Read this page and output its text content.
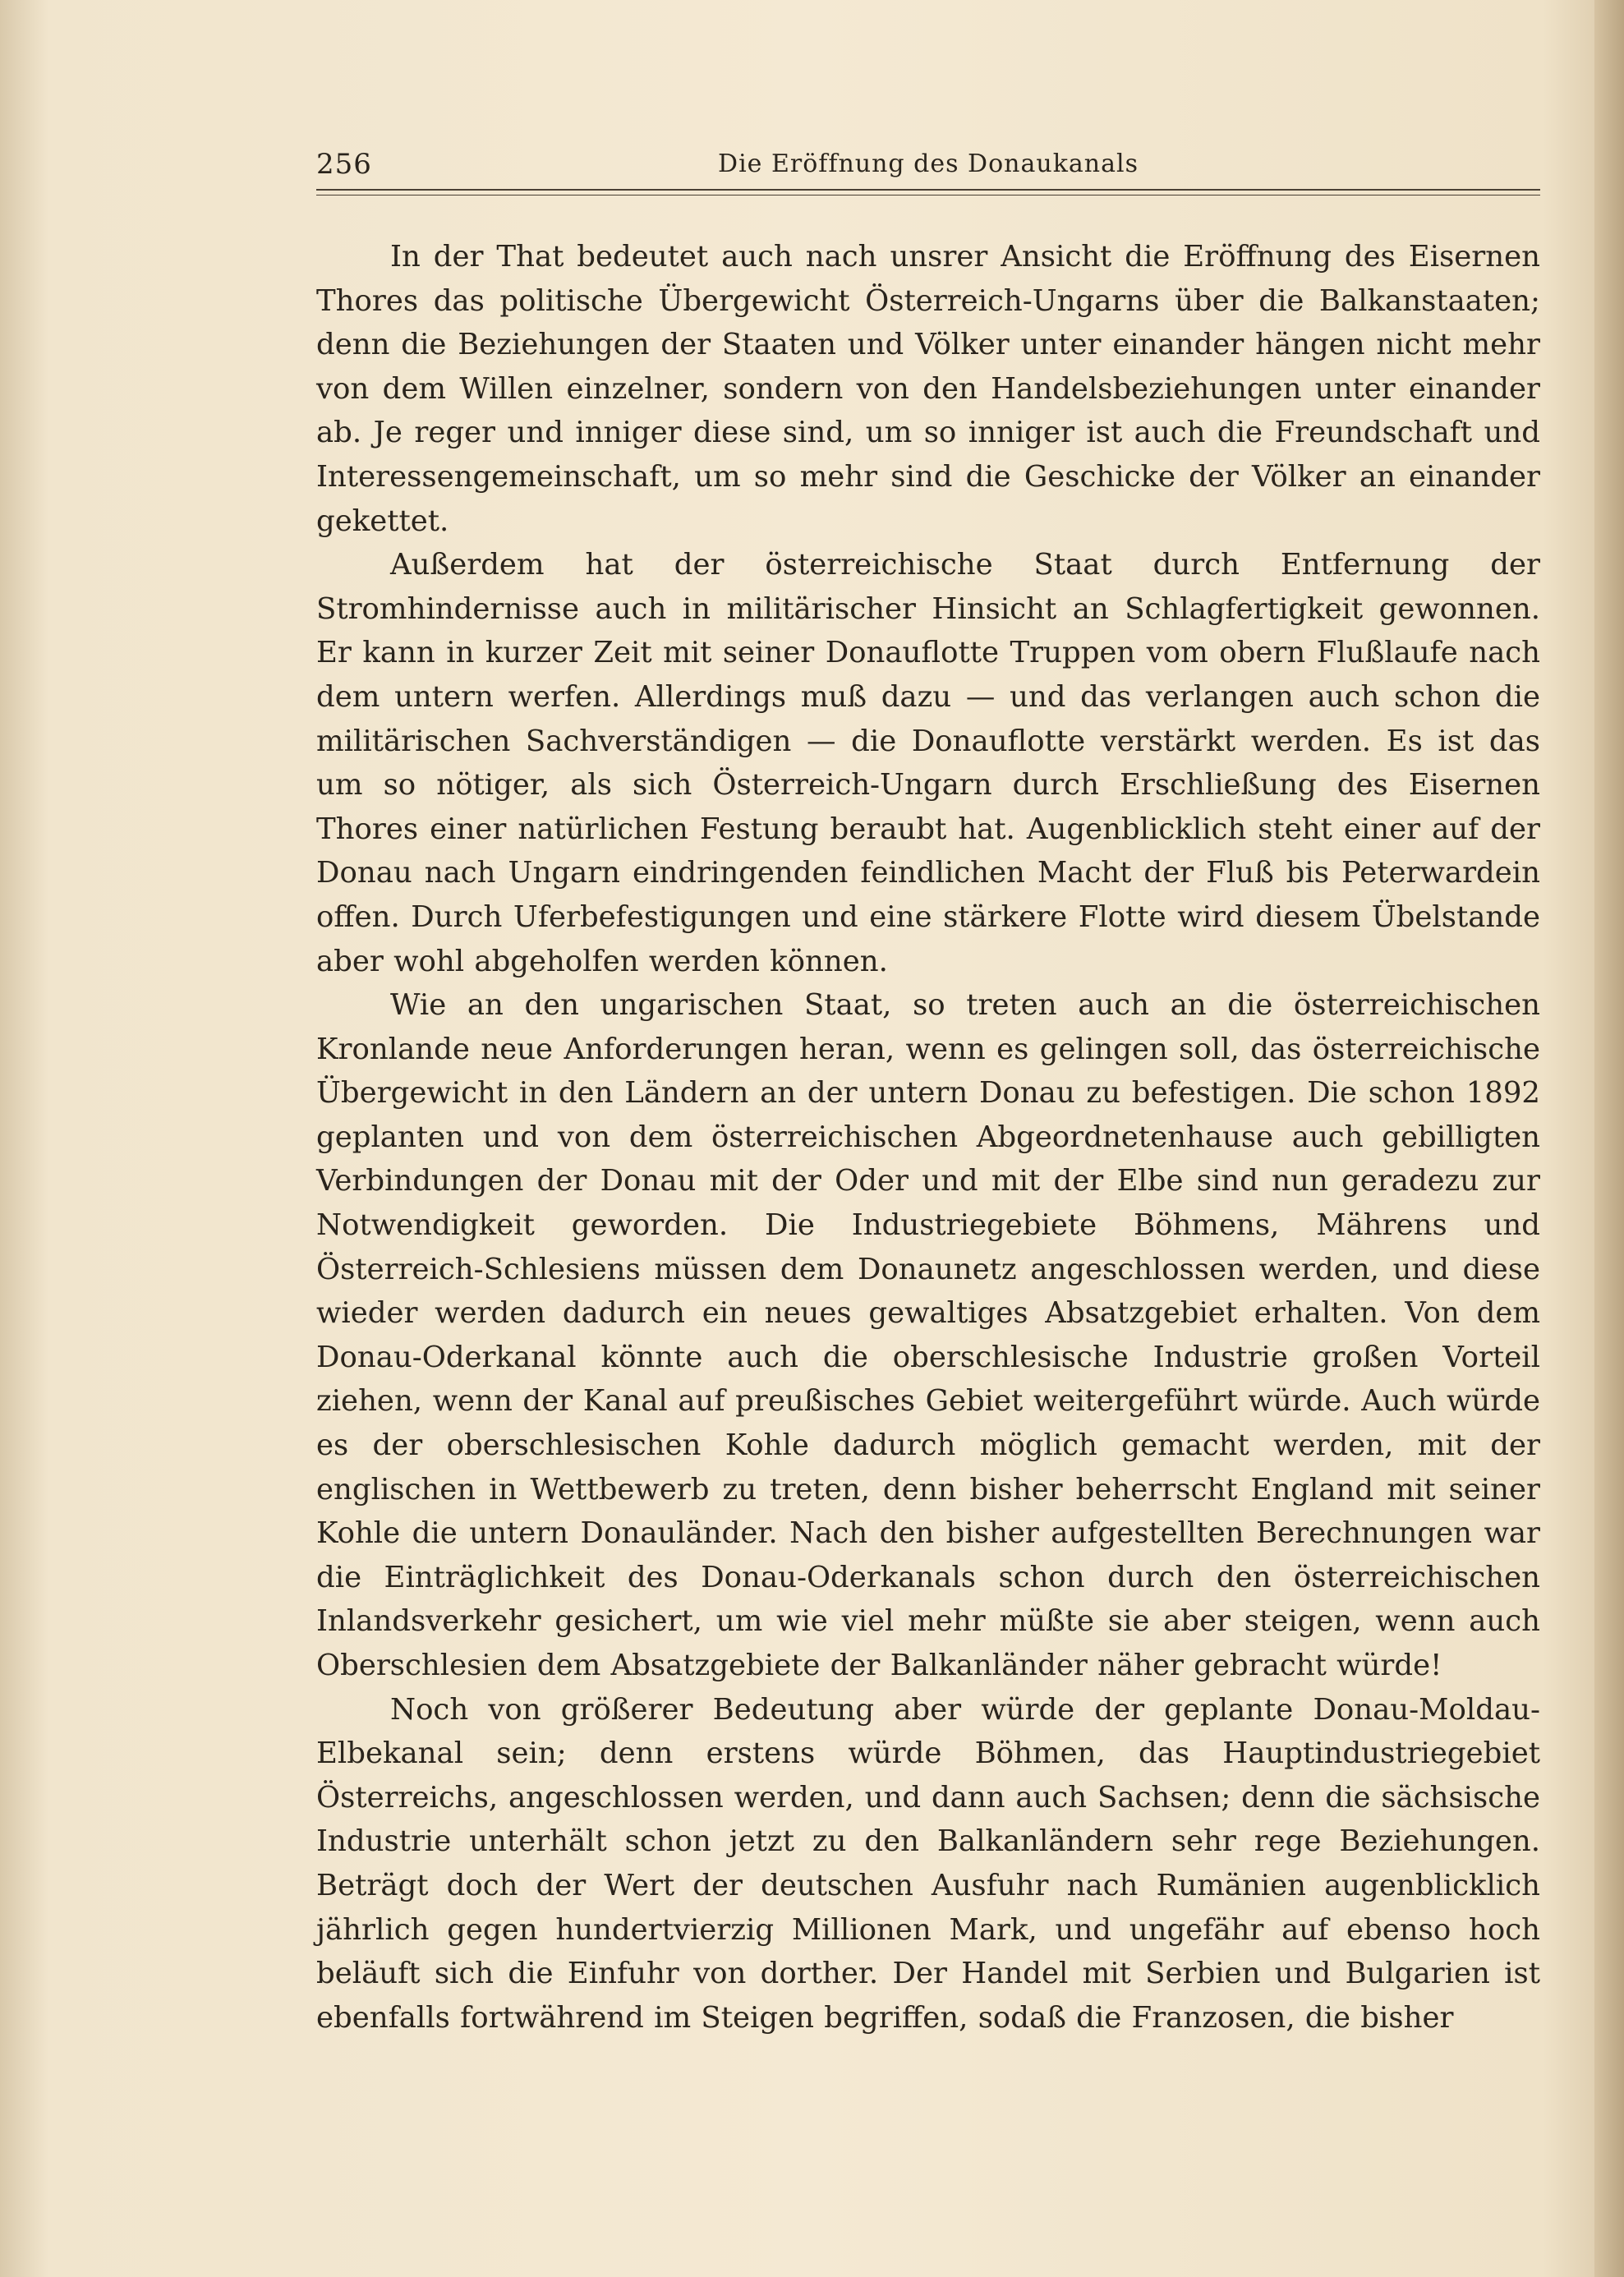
256	Die Eröffnung des Donaukanals

In der That bedeutet auch nach unsrer Ansicht die Eröffnung des Eisernen Thores das politische Übergewicht Österreich-Ungarns über die Balkanstaaten; denn die Beziehungen der Staaten und Völker unter einander hängen nicht mehr von dem Willen einzelner, sondern von den Handelsbeziehungen unter einander ab. Je reger und inniger diese sind, um so inniger ist auch die Freundschaft und Interessengemeinschaft, um so mehr sind die Geschicke der Völker an einander gekettet.

Außerdem hat der österreichische Staat durch Entfernung der Stromhindernisse auch in militärischer Hinsicht an Schlagfertigkeit gewonnen. Er kann in kurzer Zeit mit seiner Donauflotte Truppen vom obern Flußlaufe nach dem untern werfen. Allerdings muß dazu — und das verlangen auch schon die militärischen Sachverständigen — die Donauflotte verstärkt werden. Es ist das um so nötiger, als sich Österreich-Ungarn durch Erschließung des Eisernen Thores einer natürlichen Festung beraubt hat. Augenblicklich steht einer auf der Donau nach Ungarn eindringenden feindlichen Macht der Fluß bis Peterwardein offen. Durch Uferbefestigungen und eine stärkere Flotte wird diesem Übelstande aber wohl abgeholfen werden können.

Wie an den ungarischen Staat, so treten auch an die österreichischen Kronlande neue Anforderungen heran, wenn es gelingen soll, das österreichische Übergewicht in den Ländern an der untern Donau zu befestigen. Die schon 1892 geplanten und von dem österreichischen Abgeordnetenhause auch gebilligten Verbindungen der Donau mit der Oder und mit der Elbe sind nun geradezu zur Notwendigkeit geworden. Die Industriegebiete Böhmens, Mährens und Österreich-Schlesiens müssen dem Donaunetz angeschlossen werden, und diese wieder werden dadurch ein neues gewaltiges Absatzgebiet erhalten. Von dem Donau-Oderkanal könnte auch die oberschlesische Industrie großen Vorteil ziehen, wenn der Kanal auf preußisches Gebiet weitergeführt würde. Auch würde es der oberschlesischen Kohle dadurch möglich gemacht werden, mit der englischen in Wettbewerb zu treten, denn bisher beherrscht England mit seiner Kohle die untern Donauländer. Nach den bisher aufgestellten Berechnungen war die Einträglichkeit des Donau-Oderkanals schon durch den österreichischen Inlandsverkehr gesichert, um wie viel mehr müßte sie aber steigen, wenn auch Oberschlesien dem Absatzgebiete der Balkanländer näher gebracht würde!

Noch von größerer Bedeutung aber würde der geplante Donau-Moldau-Elbekanal sein; denn erstens würde Böhmen, das Hauptindustriegebiet Österreichs, angeschlossen werden, und dann auch Sachsen; denn die sächsische Industrie unterhält schon jetzt zu den Balkanländern sehr rege Beziehungen. Beträgt doch der Wert der deutschen Ausfuhr nach Rumänien augenblicklich jährlich gegen hundertvierzig Millionen Mark, und ungefähr auf ebenso hoch beläuft sich die Einfuhr von dorther. Der Handel mit Serbien und Bulgarien ist ebenfalls fortwährend im Steigen begriffen, sodaß die Franzosen, die bisher
